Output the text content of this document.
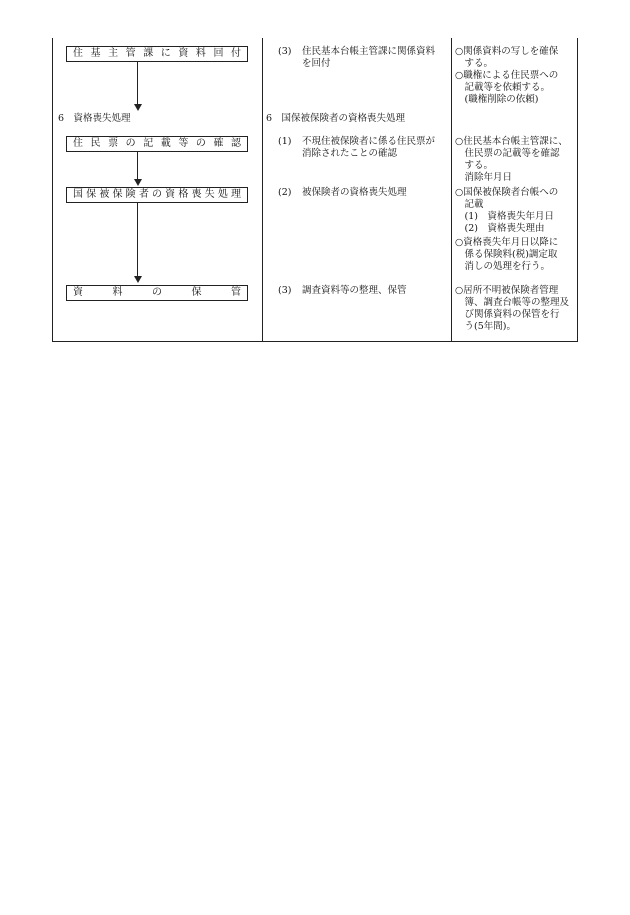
住基主管課に資料回付
6　資格喪失処理
住民票の記載等の確認
国保被保険者の資格喪失処理
資料の保管
(3) 住民基本台帳主管課に関係資料
を回付
6　国保被保険者の資格喪失処理
(1) 不現住被保険者に係る住民票が
消除されたことの確認
(2) 被保険者の資格喪失処理
(3) 調査資料等の整理、保管
○関係資料の写しを確保
　する。
○職権による住民票への
　記載等を依頼する。
　(職権削除の依頼)
○住民基本台帳主管課に、
　住民票の記載等を確認
　する。
　消除年月日
○国保被保険者台帳への
　記載
　(1)　資格喪失年月日
　(2)　資格喪失理由
○資格喪失年月日以降に
　係る保険料(税)調定取
　消しの処理を行う。
○居所不明被保険者管理
　簿、調査台帳等の整理及
　び関係資料の保管を行
　う(5年間)。
